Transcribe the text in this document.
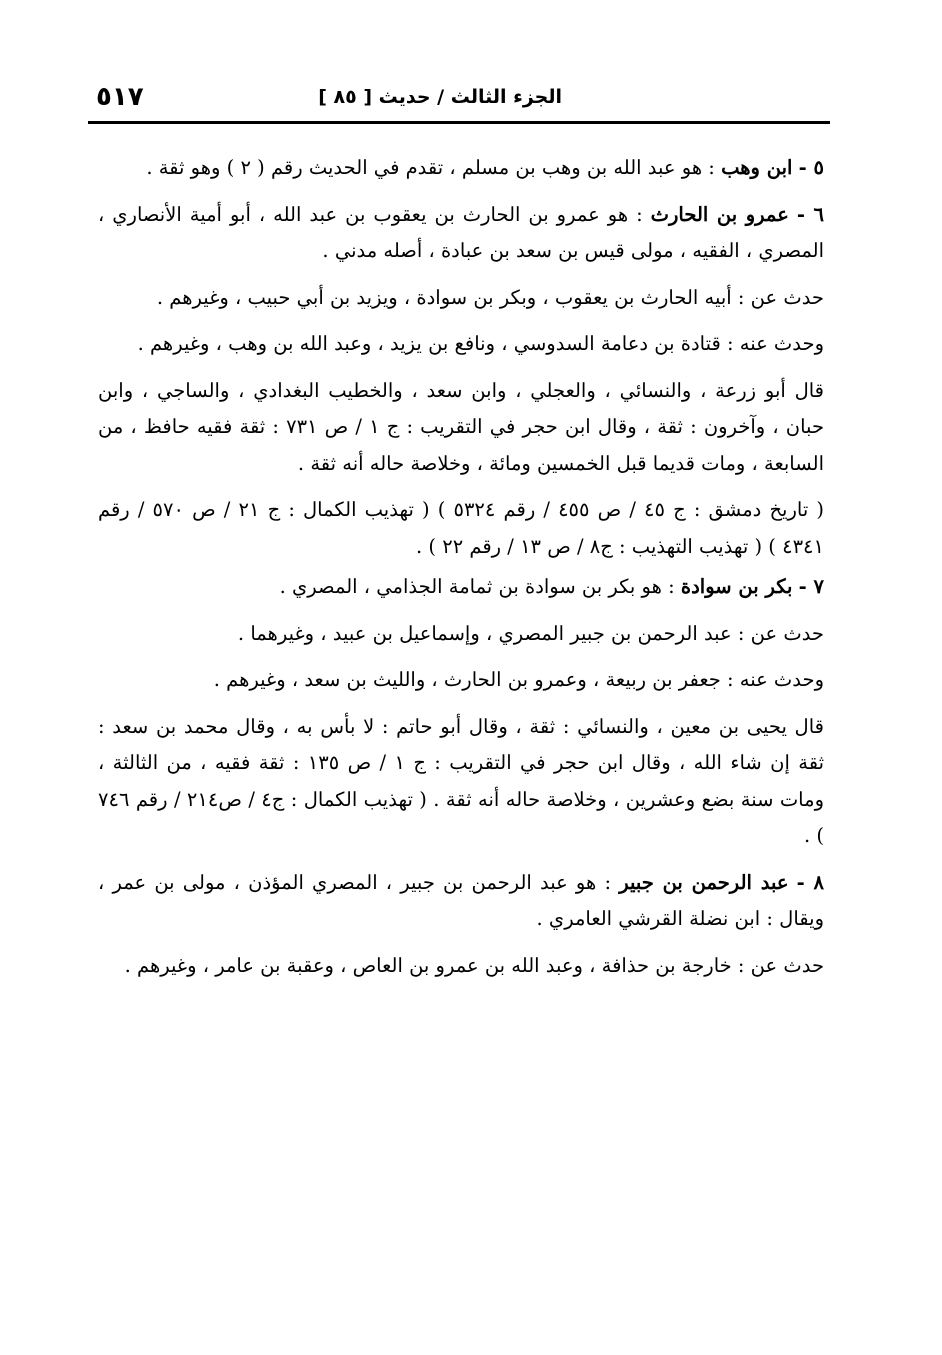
الجزء الثالث / حديث [ ٨٥ ]
٥١٧

٥ - ابن وهب : هو عبد الله بن وهب بن مسلم ، تقدم في الحديث رقم ( ٢ ) وهو ثقة .

٦ - عمرو بن الحارث : هو عمرو بن الحارث بن يعقوب بن عبد الله ، أبو أمية الأنصاري ، المصري ، الفقيه ، مولى قيس بن سعد بن عبادة ، أصله مدني .

حدث عن : أبيه الحارث بن يعقوب ، وبكر بن سوادة ، ويزيد بن أبي حبيب ، وغيرهم .

وحدث عنه : قتادة بن دعامة السدوسي ، ونافع بن يزيد ، وعبد الله بن وهب ، وغيرهم .

قال أبو زرعة ، والنسائي ، والعجلي ، وابن سعد ، والخطيب البغدادي ، والساجي ، وابن حبان ، وآخرون : ثقة ، وقال ابن حجر في التقريب : ج ١ / ص ٧٣١ : ثقة فقيه حافظ ، من السابعة ، ومات قديما قبل الخمسين ومائة ، وخلاصة حاله أنه ثقة .

( تاريخ دمشق : ج ٤٥ / ص ٤٥٥ / رقم ٥٣٢٤ ) ( تهذيب الكمال : ج ٢١ / ص ٥٧٠ / رقم ٤٣٤١ ) ( تهذيب التهذيب : ج٨ / ص ١٣ / رقم ٢٢ ) .

٧ - بكر بن سوادة : هو بكر بن سوادة بن ثمامة الجذامي ، المصري .

حدث عن : عبد الرحمن بن جبير المصري ، وإسماعيل بن عبيد ، وغيرهما .

وحدث عنه : جعفر بن ربيعة ، وعمرو بن الحارث ، والليث بن سعد ، وغيرهم .

قال يحيى بن معين ، والنسائي : ثقة ، وقال أبو حاتم : لا بأس به ، وقال محمد بن سعد : ثقة إن شاء الله ، وقال ابن حجر في التقريب : ج ١ / ص ١٣٥ : ثقة فقيه ، من الثالثة ، ومات سنة بضع وعشرين ، وخلاصة حاله أنه ثقة . ( تهذيب الكمال : ج٤ / ص٢١٤ / رقم ٧٤٦ ) .

٨ - عبد الرحمن بن جبير : هو عبد الرحمن بن جبير ، المصري المؤذن ، مولى بن عمر ، ويقال : ابن نضلة القرشي العامري .

حدث عن : خارجة بن حذافة ، وعبد الله بن عمرو بن العاص ، وعقبة بن عامر ، وغيرهم .
